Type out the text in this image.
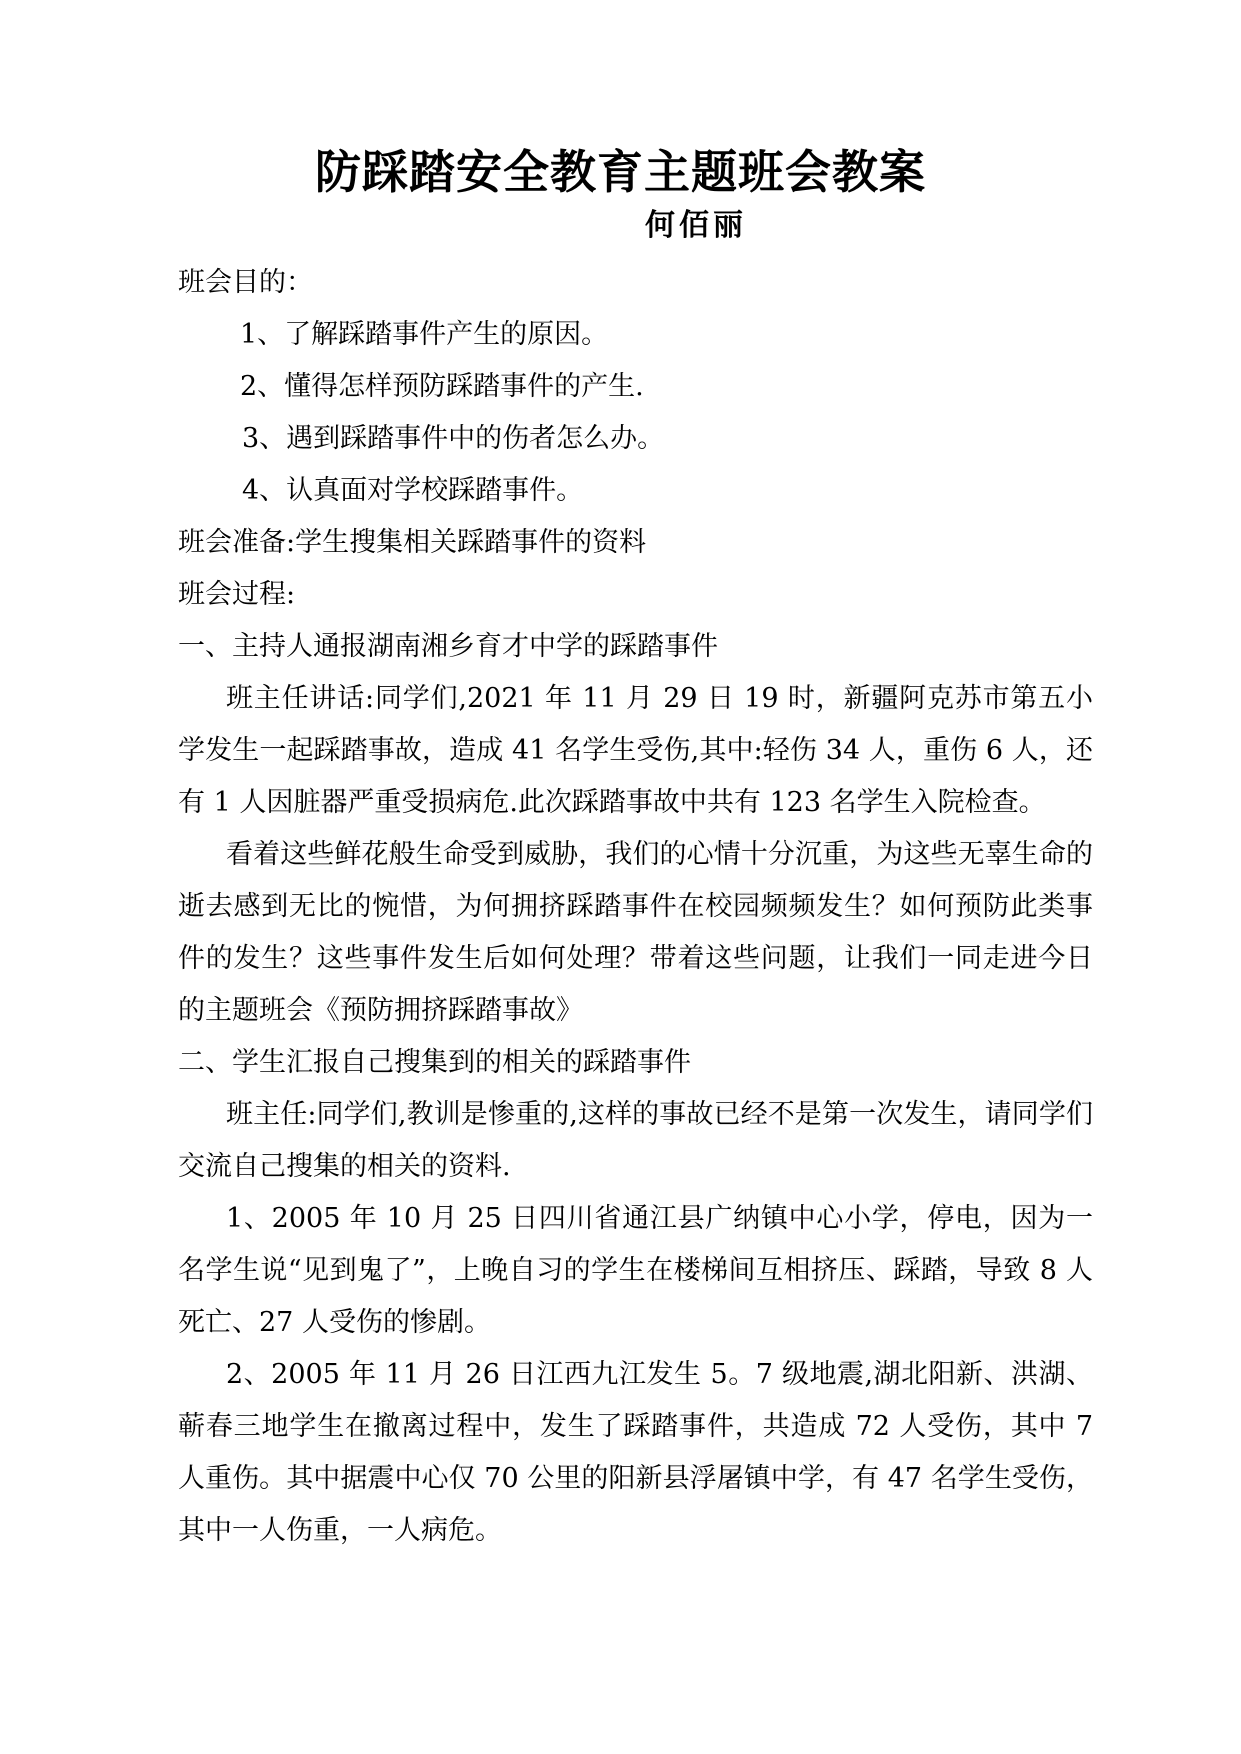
防踩踏安全教育主题班会教案
何佰丽

班会目的：

1、了解踩踏事件产生的原因。

2、懂得怎样预防踩踏事件的产生.

3、遇到踩踏事件中的伤者怎么办。

4、认真面对学校踩踏事件。

班会准备:学生搜集相关踩踏事件的资料

班会过程:

一、主持人通报湖南湘乡育才中学的踩踏事件

班主任讲话:同学们,2021 年 11 月 29 日 19 时，新疆阿克苏市第五小学发生一起踩踏事故，造成 41 名学生受伤,其中:轻伤 34 人，重伤 6 人，还有 1 人因脏器严重受损病危.此次踩踏事故中共有 123 名学生入院检查。

看着这些鲜花般生命受到威胁，我们的心情十分沉重，为这些无辜生命的逝去感到无比的惋惜，为何拥挤踩踏事件在校园频频发生？如何预防此类事件的发生？这些事件发生后如何处理？带着这些问题，让我们一同走进今日的主题班会《预防拥挤踩踏事故》

二、学生汇报自己搜集到的相关的踩踏事件

班主任:同学们,教训是惨重的,这样的事故已经不是第一次发生，请同学们交流自己搜集的相关的资料.

1、2005 年 10 月 25 日四川省通江县广纳镇中心小学，停电，因为一名学生说“见到鬼了”，上晚自习的学生在楼梯间互相挤压、踩踏，导致 8 人死亡、27 人受伤的惨剧。

2、2005 年 11 月 26 日江西九江发生 5。7 级地震,湖北阳新、洪湖、蕲春三地学生在撤离过程中，发生了踩踏事件，共造成 72 人受伤，其中 7 人重伤。其中据震中心仅 70 公里的阳新县浮屠镇中学，有 47 名学生受伤，其中一人伤重，一人病危。
